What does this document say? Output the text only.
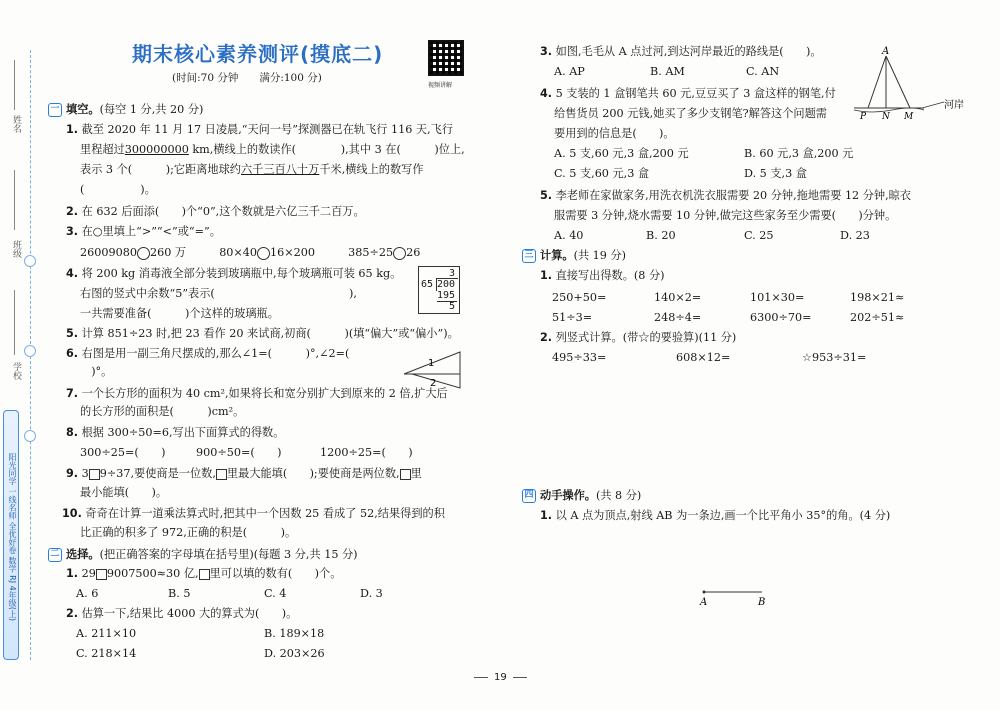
姓名
班级
学校
阳光同学 一线名师 全优好卷 数学 RJ 4年级(上)
期末核心素养测评(摸底二)
(时间:70 分钟　　满分:100 分)
视频讲解
一 填空。(每空 1 分,共 20 分)
1. 截至 2020 年 11 月 17 日凌晨,“天问一号”探测器已在轨飞行 116 天,飞行
里程超过300000000 km,横线上的数读作(　　　　),其中 3 在(　　　)位上,
表示 3 个(　　　);它距离地球约六千三百八十万千米,横线上的数写作
(　　　　　)。
2. 在 632 后面添(　　)个“0”,这个数就是六亿三千二百万。
3. 在○里填上“>”“<”或“=”。
26009080 260 万	80×40 16×200	385÷25 26
4. 将 200 kg 消毒液全部分装到玻璃瓶中,每个玻璃瓶可装 65 kg。
右图的竖式中余数“5”表示(　　　　　　　　　　　　),
一共需要准备(　　　)个这样的玻璃瓶。
3
65 200
195
5
5. 计算 851÷23 时,把 23 看作 20 来试商,初商(　　　)(填“偏大”或“偏小”)。
6. 右图是用一副三角尺摆成的,那么∠1=(　　　)°,∠2=(
　)°。
1
2
7. 一个长方形的面积为 40 cm²,如果将长和宽分别扩大到原来的 2 倍,扩大后
的长方形的面积是(　　　)cm²。
8. 根据 300÷50=6,写出下面算式的得数。
300÷25=(　　)	900÷50=(　　)	1200÷25=(　　)
9. 3 9÷37,要使商是一位数, 里最大能填(　　);要使商是两位数, 里
最小能填(　　)。
10. 奇奇在计算一道乘法算式时,把其中一个因数 25 看成了 52,结果得到的积
比正确的积多了 972,正确的积是(　　　)。
二 选择。(把正确答案的字母填在括号里)(每题 3 分,共 15 分)
1. 29 9007500≈30 亿, 里可以填的数有(　　)个。
A. 6	B. 5	C. 4	D. 3
2. 估算一下,结果比 4000 大的算式为(　　)。
A. 211×10	B. 189×18
C. 218×14	D. 203×26
3. 如图,毛毛从 A 点过河,到达河岸最近的路线是(　　)。
A. AP	B. AM	C. AN
A
P N M
河岸
4. 5 支装的 1 盒钢笔共 60 元,豆豆买了 3 盒这样的钢笔,付
给售货员 200 元钱,她买了多少支钢笔?解答这个问题需
要用到的信息是(　　)。
A. 5 支,60 元,3 盒,200 元	B. 60 元,3 盒,200 元
C. 5 支,60 元,3 盒	D. 5 支,3 盒
5. 李老师在家做家务,用洗衣机洗衣服需要 20 分钟,拖地需要 12 分钟,晾衣
服需要 3 分钟,烧水需要 10 分钟,做完这些家务至少需要(　　)分钟。
A. 40	B. 20	C. 25	D. 23
三 计算。(共 19 分)
1. 直接写出得数。(8 分)
250+50=	140×2=	101×30=	198×21≈
51÷3=	248÷4=	6300÷70=	202÷51≈
2. 列竖式计算。(带☆的要验算)(11 分)
495÷33=	608×12=	☆953÷31=
四 动手操作。(共 8 分)
1. 以 A 点为顶点,射线 AB 为一条边,画一个比平角小 35°的角。(4 分)
A	B
19
